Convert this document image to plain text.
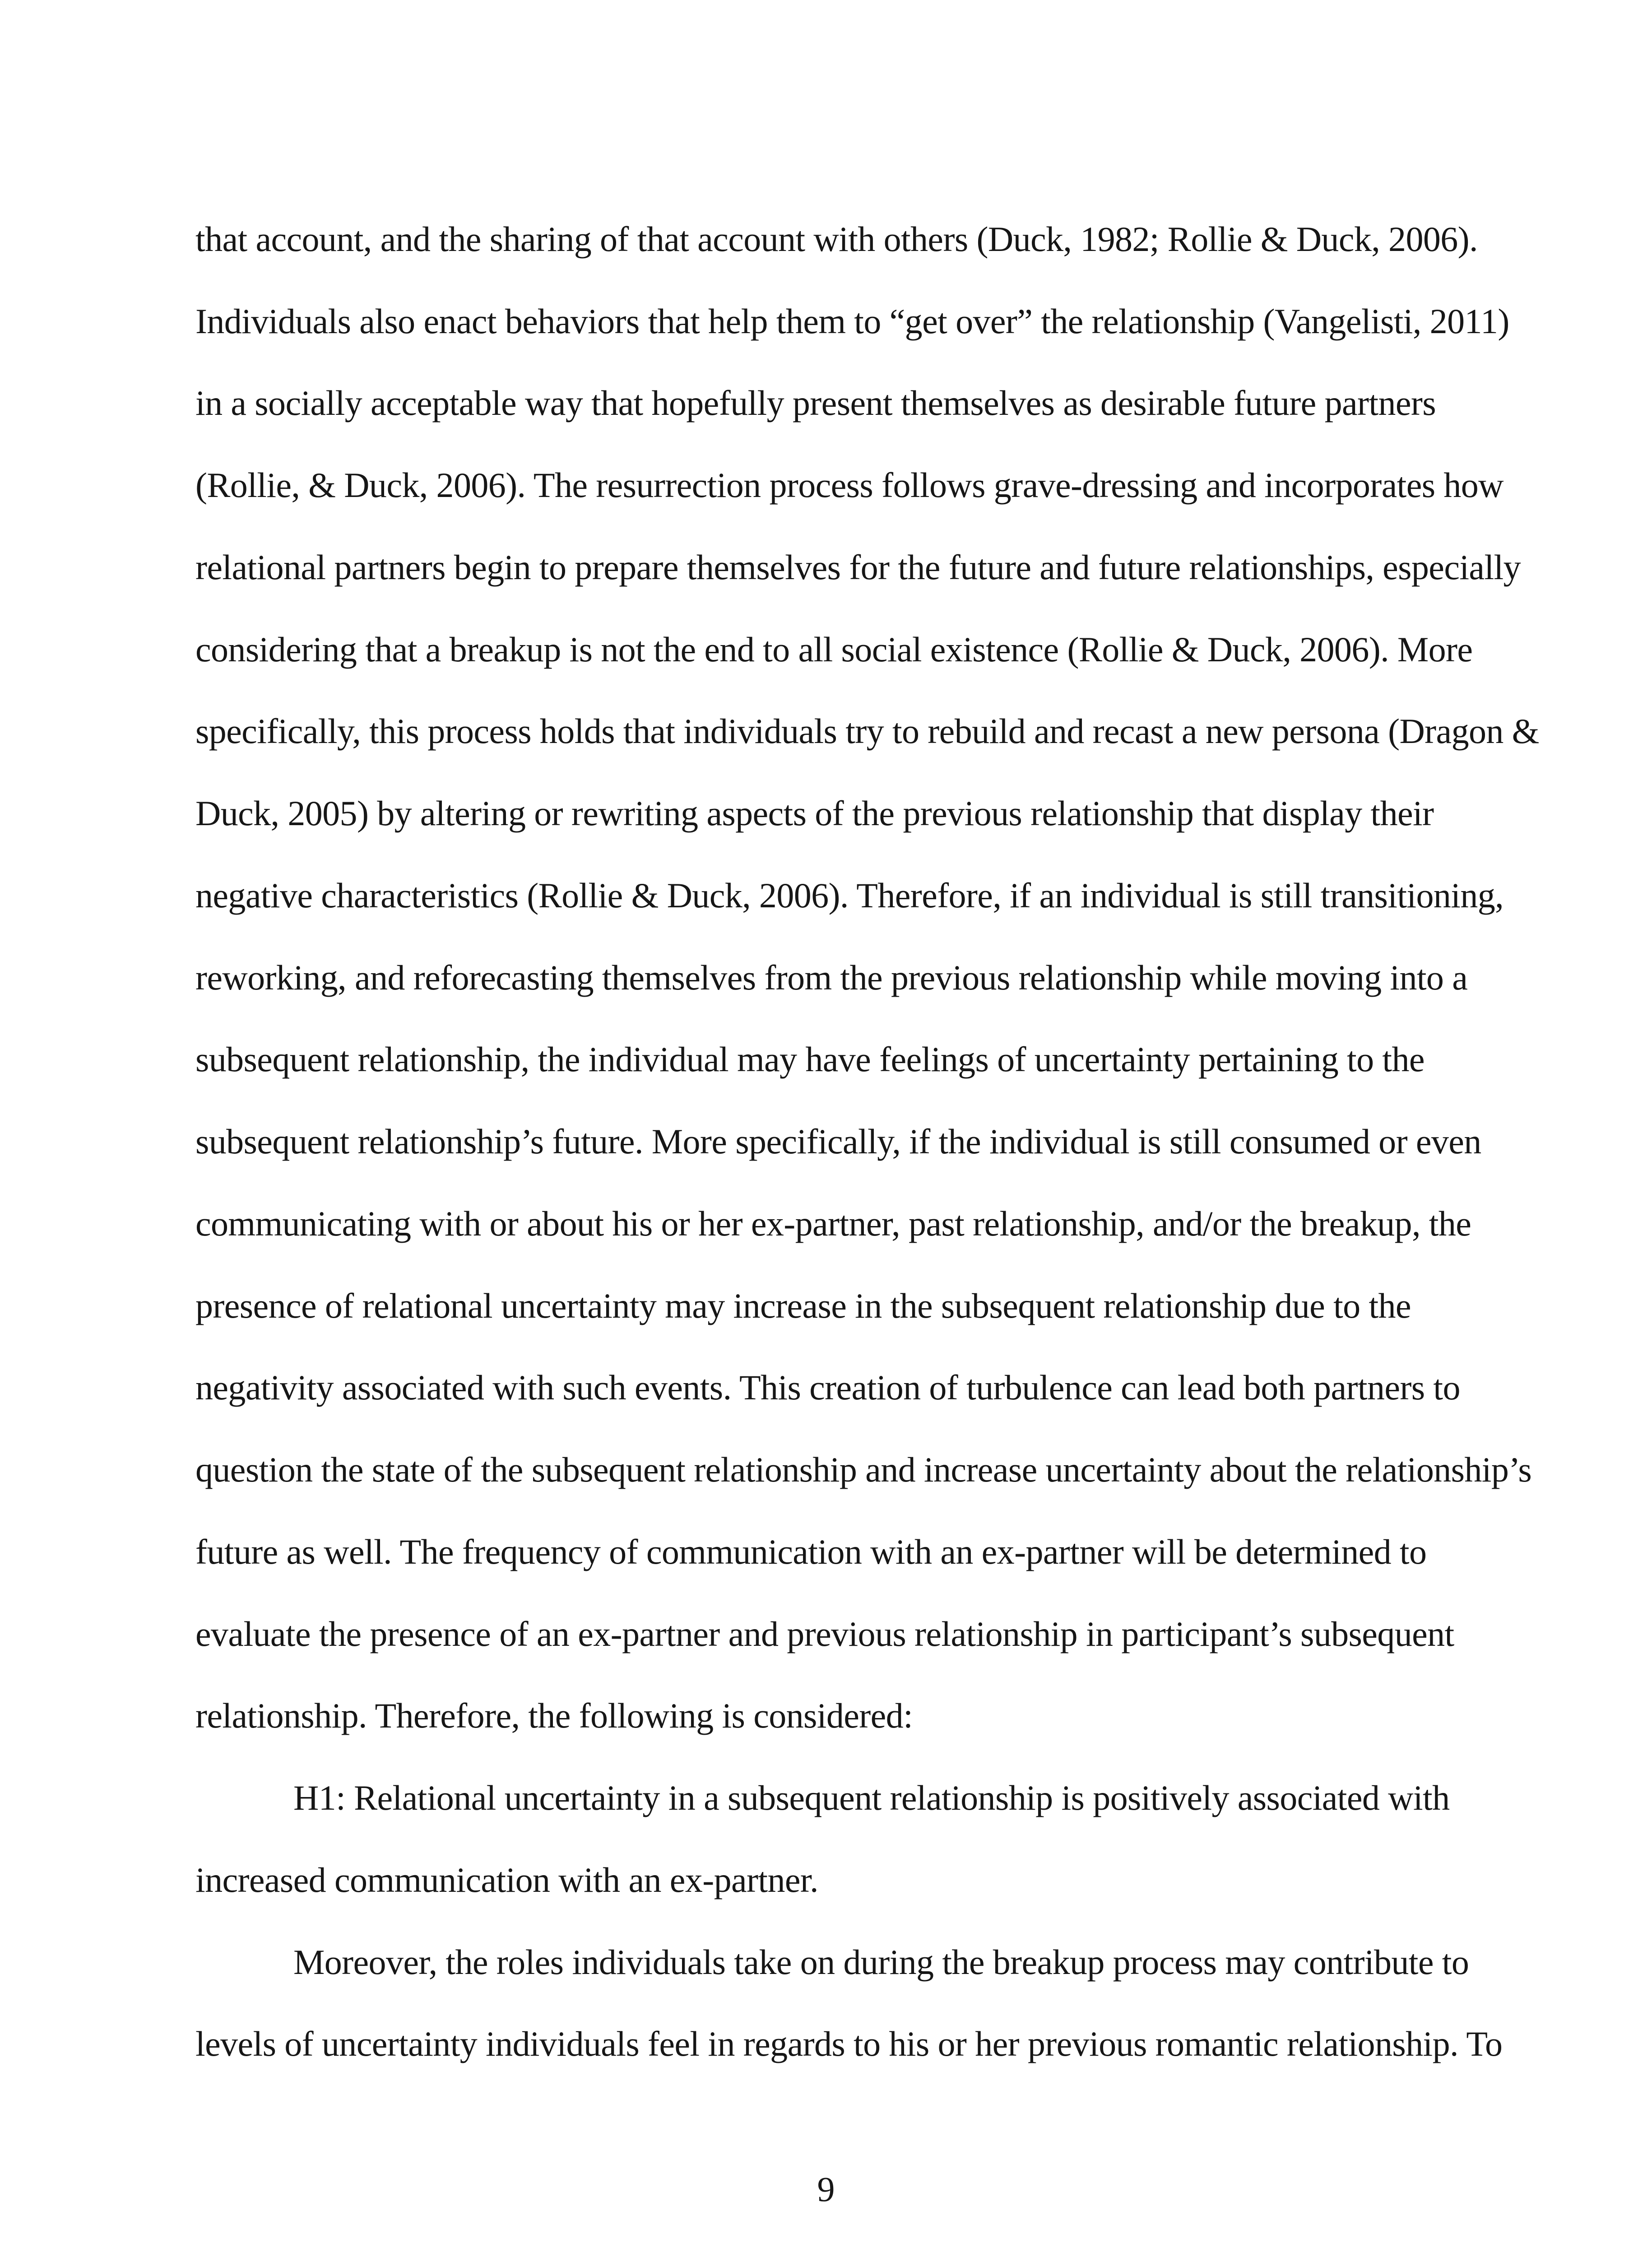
that account, and the sharing of that account with others (Duck, 1982; Rollie & Duck, 2006).

Individuals also enact behaviors that help them to “get over” the relationship (Vangelisti, 2011)

in a socially acceptable way that hopefully present themselves as desirable future partners

(Rollie, & Duck, 2006). The resurrection process follows grave-dressing and incorporates how

relational partners begin to prepare themselves for the future and future relationships, especially

considering that a breakup is not the end to all social existence (Rollie & Duck, 2006). More

specifically, this process holds that individuals try to rebuild and recast a new persona (Dragon &

Duck, 2005) by altering or rewriting aspects of the previous relationship that display their

negative characteristics (Rollie & Duck, 2006). Therefore, if an individual is still transitioning,

reworking, and reforecasting themselves from the previous relationship while moving into a

subsequent relationship, the individual may have feelings of uncertainty pertaining to the

subsequent relationship’s future. More specifically, if the individual is still consumed or even

communicating with or about his or her ex-partner, past relationship, and/or the breakup, the

presence of relational uncertainty may increase in the subsequent relationship due to the

negativity associated with such events. This creation of turbulence can lead both partners to

question the state of the subsequent relationship and increase uncertainty about the relationship’s

future as well. The frequency of communication with an ex-partner will be determined to

evaluate the presence of an ex-partner and previous relationship in participant’s subsequent

relationship. Therefore, the following is considered:

H1: Relational uncertainty in a subsequent relationship is positively associated with

increased communication with an ex-partner.

Moreover, the roles individuals take on during the breakup process may contribute to

levels of uncertainty individuals feel in regards to his or her previous romantic relationship. To

9
